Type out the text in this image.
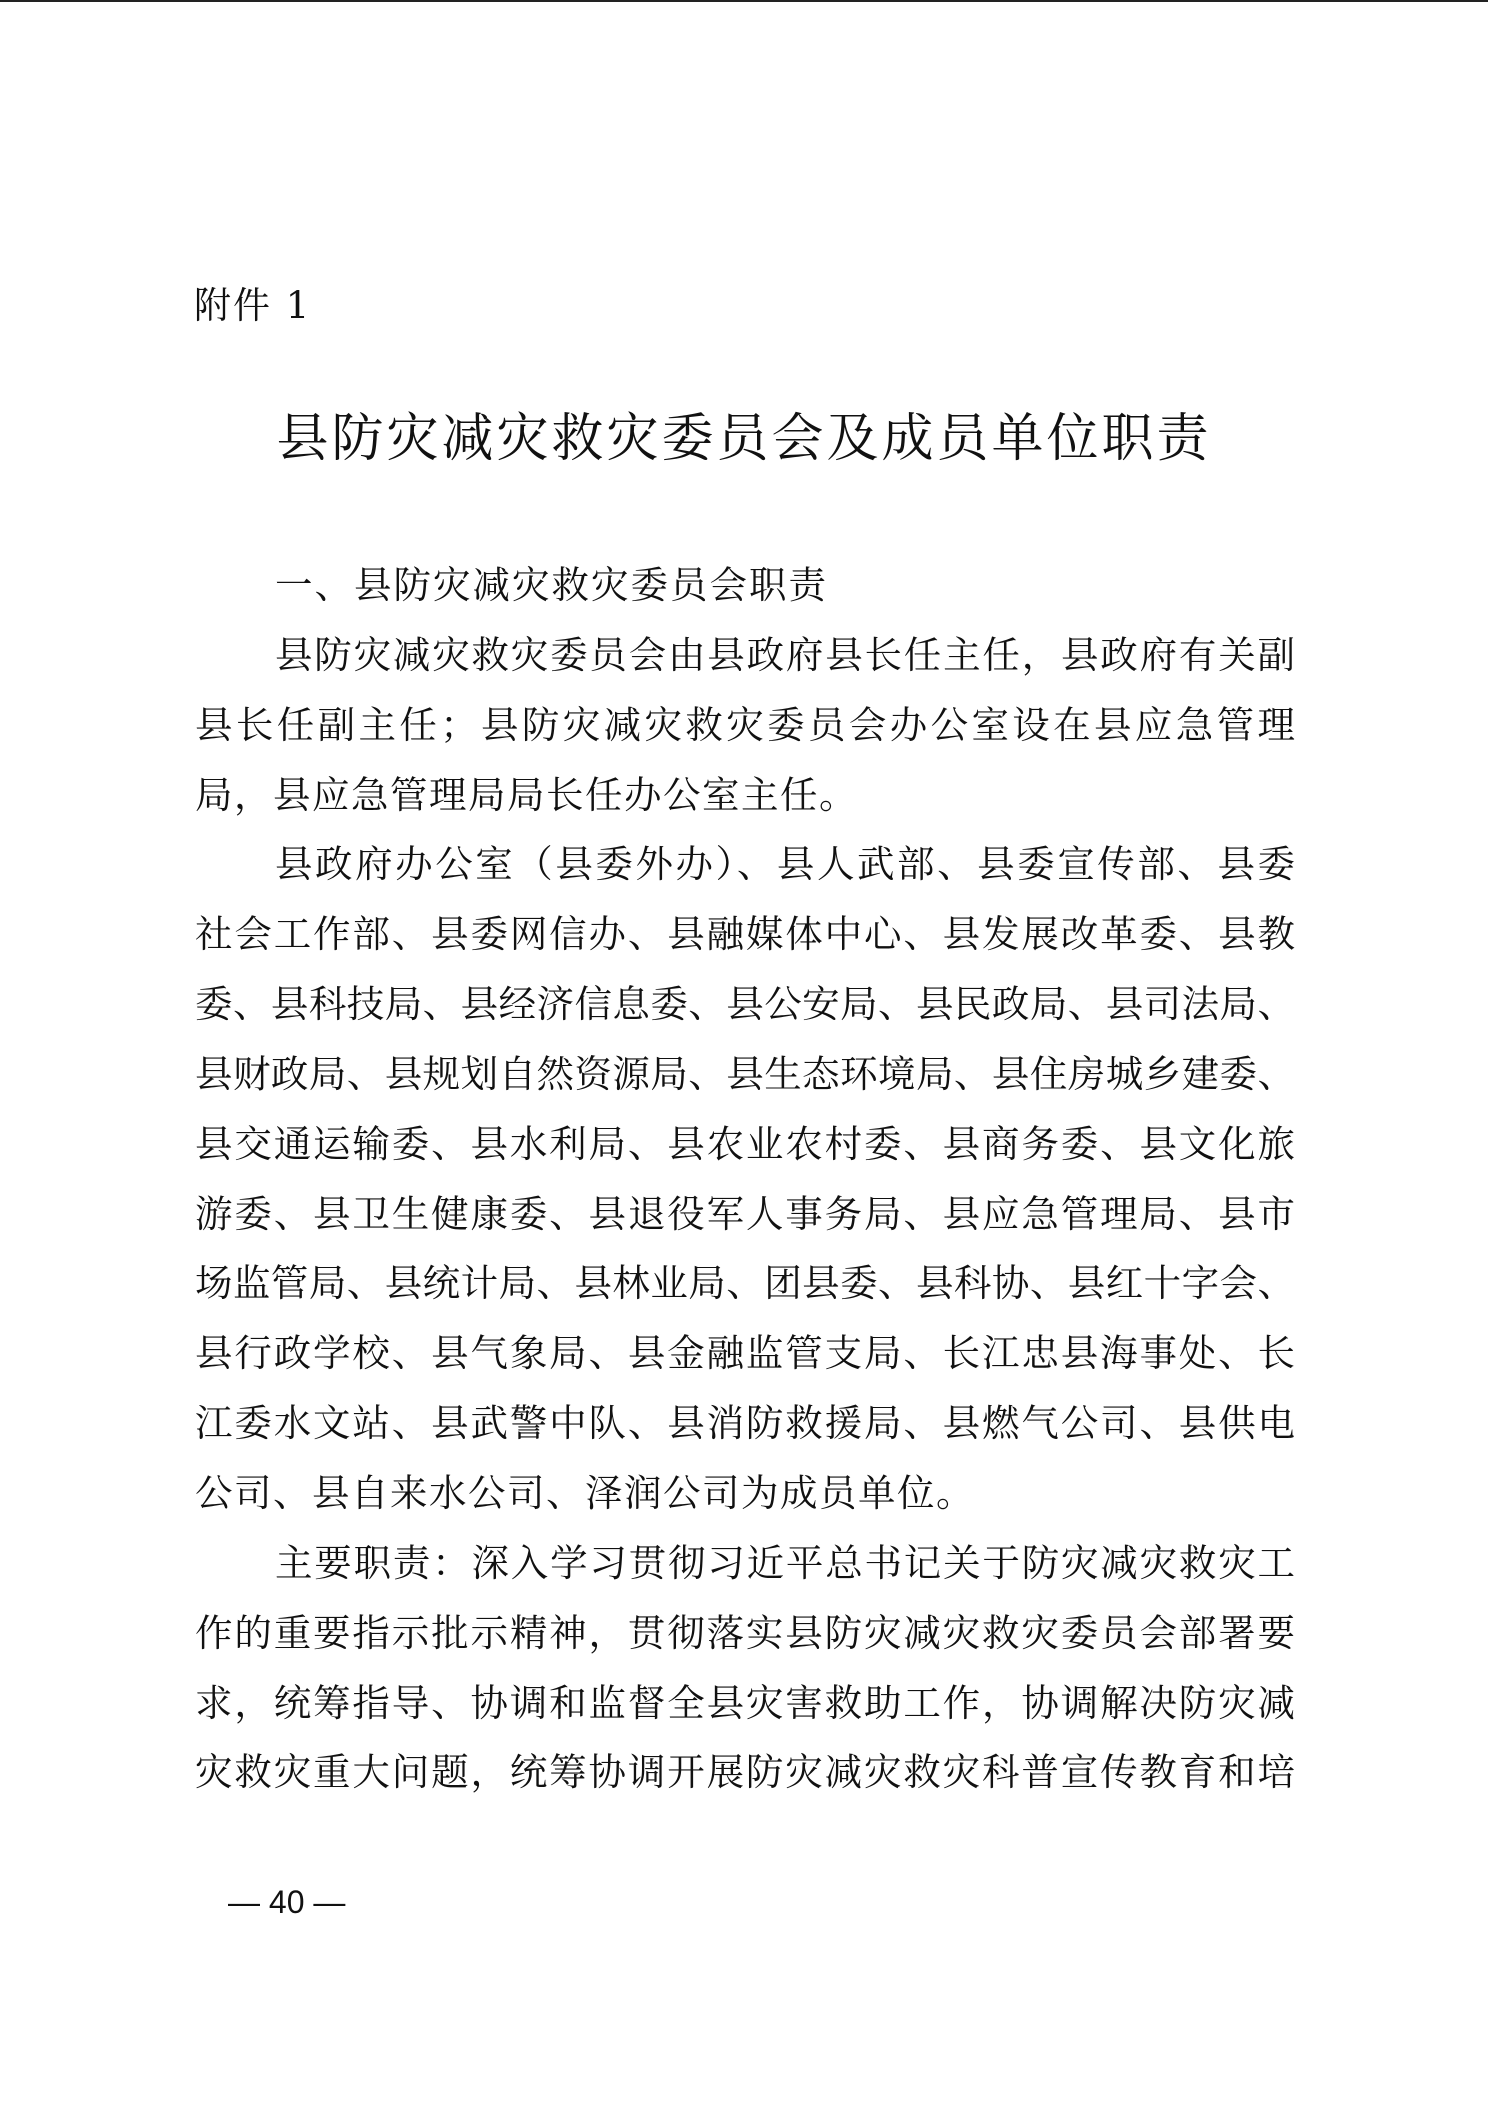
附件 1
县防灾减灾救灾委员会及成员单位职责
一、县防灾减灾救灾委员会职责
县防灾减灾救灾委员会由县政府县长任主任，县政府有关副
县长任副主任；县防灾减灾救灾委员会办公室设在县应急管理
局，县应急管理局局长任办公室主任。
县政府办公室（县委外办）、县人武部、县委宣传部、县委
社会工作部、县委网信办、县融媒体中心、县发展改革委、县教
委、县科技局、县经济信息委、县公安局、县民政局、县司法局、
县财政局、县规划自然资源局、县生态环境局、县住房城乡建委、
县交通运输委、县水利局、县农业农村委、县商务委、县文化旅
游委、县卫生健康委、县退役军人事务局、县应急管理局、县市
场监管局、县统计局、县林业局、团县委、县科协、县红十字会、
县行政学校、县气象局、县金融监管支局、长江忠县海事处、长
江委水文站、县武警中队、县消防救援局、县燃气公司、县供电
公司、县自来水公司、泽润公司为成员单位。
主要职责：深入学习贯彻习近平总书记关于防灾减灾救灾工
作的重要指示批示精神，贯彻落实县防灾减灾救灾委员会部署要
求，统筹指导、协调和监督全县灾害救助工作，协调解决防灾减
灾救灾重大问题，统筹协调开展防灾减灾救灾科普宣传教育和培
— 40 —
